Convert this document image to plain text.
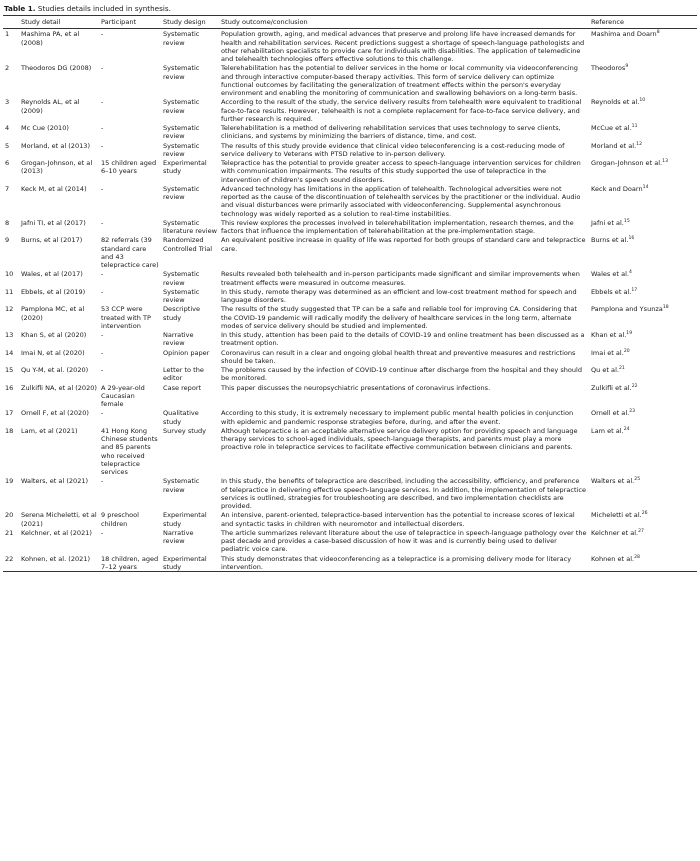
Table 1. Studies details included in synthesis.
	Study detail	Participant	Study design	Study outcome/conclusion	Reference
1	Mashima PA, et al (2008)	-	Systematic review	Population growth, aging, and medical advances that preserve and prolong life have increased demands for health and rehabilitation services. Recent predictions suggest a shortage of speech-language pathologists and other rehabilitation specialists to provide care for individuals with disabilities. The application of telemedicine and telehealth technologies offers effective solutions to this challenge.	Mashima and Doarn$^8$
2	Theodoros DG (2008)	-	Systematic review	Telerehabilitation has the potential to deliver services in the home or local community via videoconferencing and through interactive computer-based therapy activities. This form of service delivery can optimize functional outcomes by facilitating the generalization of treatment effects within the person's everyday environment and enabling the monitoring of communication and swallowing behaviors on a long-term basis.	Theodoros$^9$
3	Reynolds AL, et al (2009)	-	Systematic review	According to the result of the study, the service delivery results from telehealth were equivalent to traditional face-to-face results. However, telehealth is not a complete replacement for face-to-face service delivery, and further research is required.	Reynolds et al.$^{10}$
4	Mc Cue (2010)	-	Systematic review	Telerehabilitation is a method of delivering rehabilitation services that uses technology to serve clients, clinicians, and systems by minimizing the barriers of distance, time, and cost.	McCue et al.$^{11}$
5	Morland, et al (2013)	-	Systematic review	The results of this study provide evidence that clinical video teleconferencing is a cost-reducing mode of service delivery to Veterans with PTSD relative to in-person delivery.	Morland et al.$^{12}$
6	Grogan-Johnson, et al (2013)	15 children aged 6–10 years	Experimental study	Telepractice has the potential to provide greater access to speech-language intervention services for children with communication impairments. The results of this study supported the use of telepractice in the intervention of children's speech sound disorders.	Grogan-Johnson et al.$^{13}$
7	Keck M, et al (2014)	-	Systematic review	Advanced technology has limitations in the application of telehealth. Technological adversities were not reported as the cause of the discontinuation of telehealth services by the practitioner or the individual. Audio and visual disturbances were primarily associated with videoconferencing. Supplemental asynchronous technology was widely reported as a solution to real-time instabilities.	Keck and Doarn$^{14}$
8	Jafni TI, et al (2017)	-	Systematic literature review	This review explores the processes involved in telerehabilitation implementation, research themes, and the factors that influence the implementation of telerehabilitation at the pre-implementation stage.	Jafni et al.$^{15}$
9	Burns, et al (2017)	82 referrals (39 standard care and 43 telepractice care)	Randomized Controlled Trial	An equivalent positive increase in quality of life was reported for both groups of standard care and telepractice care.	Burns et al.$^{16}$
10	Wales, et al (2017)	-	Systematic review	Results revealed both telehealth and in-person participants made significant and similar improvements when treatment effects were measured in outcome measures.	Wales et al.$^4$
11	Ebbels, et al (2019)	-	Systematic review	In this study, remote therapy was determined as an efficient and low-cost treatment method for speech and language disorders.	Ebbels et al.$^{17}$
12	Pamplona MC, et al (2020)	53 CCP were treated with TP intervention	Descriptive study	The results of the study suggested that TP can be a safe and reliable tool for improving CA. Considering that the COVID-19 pandemic will radically modify the delivery of healthcare services in the long term, alternate modes of service delivery should be studied and implemented.	Pamplona and Ysunza$^{18}$
13	Khan S, et al (2020)	-	Narrative review	In this study, attention has been paid to the details of COVID-19 and online treatment has been discussed as a treatment option.	Khan et al.$^{19}$
14	Imai N, et al (2020)	-	Opinion paper	Coronavirus can result in a clear and ongoing global health threat and preventive measures and restrictions should be taken.	Imai et al.$^{20}$
15	Qu Y-M, et al. (2020)	-	Letter to the editor	The problems caused by the infection of COVID-19 continue after discharge from the hospital and they should be monitored.	Qu et al.$^{21}$
16	Zulkifli NA, et al (2020)	A 29-year-old Caucasian female	Case report	This paper discusses the neuropsychiatric presentations of coronavirus infections.	Zulkifli et al.$^{22}$
17	Ornell F, et al (2020)	-	Qualitative study	According to this study, it is extremely necessary to implement public mental health policies in conjunction with epidemic and pandemic response strategies before, during, and after the event.	Ornell et al.$^{23}$
18	Lam, et al (2021)	41 Hong Kong Chinese students and 85 parents who received telepractice services	Survey study	Although telepractice is an acceptable alternative service delivery option for providing speech and language therapy services to school-aged individuals, speech-language therapists, and parents must play a more proactive role in telepractice services to facilitate effective communication between clinicians and parents.	Lam et al.$^{24}$
19	Walters, et al (2021)	-	Systematic review	In this study, the benefits of telepractice are described, including the accessibility, efficiency, and preference of telepractice in delivering effective speech-language services. In addition, the implementation of telepractice services is outlined, strategies for troubleshooting are described, and two implementation checklists are provided.	Walters et al.$^{25}$
20	Serena Micheletti, et al (2021)	9 preschool children	Experimental study	An intensive, parent-oriented, telepractice-based intervention has the potential to increase scores of lexical and syntactic tasks in children with neuromotor and intellectual disorders.	Micheletti et al.$^{26}$
21	Kelchner, et al (2021)	-	Narrative review	The article summarizes relevant literature about the use of telepractice in speech-language pathology over the past decade and provides a case-based discussion of how it was and is currently being used to deliver pediatric voice care.	Kelchner et al.$^{27}$
22	Kohnen, et al. (2021)	18 children, aged 7–12 years	Experimental study	This study demonstrates that videoconferencing as a telepractice is a promising delivery mode for literacy intervention.	Kohnen et al.$^{28}$
